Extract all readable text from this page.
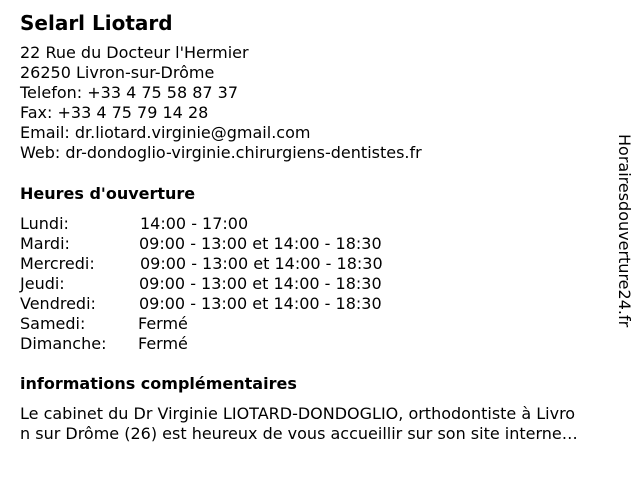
Selarl Liotard
22 Rue du Docteur l'Hermier
26250 Livron-sur-Drôme
Telefon: +33 4 75 58 87 37
Fax: +33 4 75 79 14 28
Email: dr.liotard.virginie@gmail.com
Web: dr-dondoglio-virginie.chirurgiens-dentistes.fr
Heures d'ouverture
Lundi:	14:00 - 17:00
Mardi:	09:00 - 13:00 et 14:00 - 18:30
Mercredi:	09:00 - 13:00 et 14:00 - 18:30
Jeudi:	09:00 - 13:00 et 14:00 - 18:30
Vendredi:	09:00 - 13:00 et 14:00 - 18:30
Samedi:	Fermé
Dimanche: Fermé
informations complémentaires
Le cabinet du Dr Virginie LIOTARD-DONDOGLIO, orthodontiste à Livro
n sur Drôme (26) est heureux de vous accueillir sur son site interne…
Horairesdouverture24.fr
